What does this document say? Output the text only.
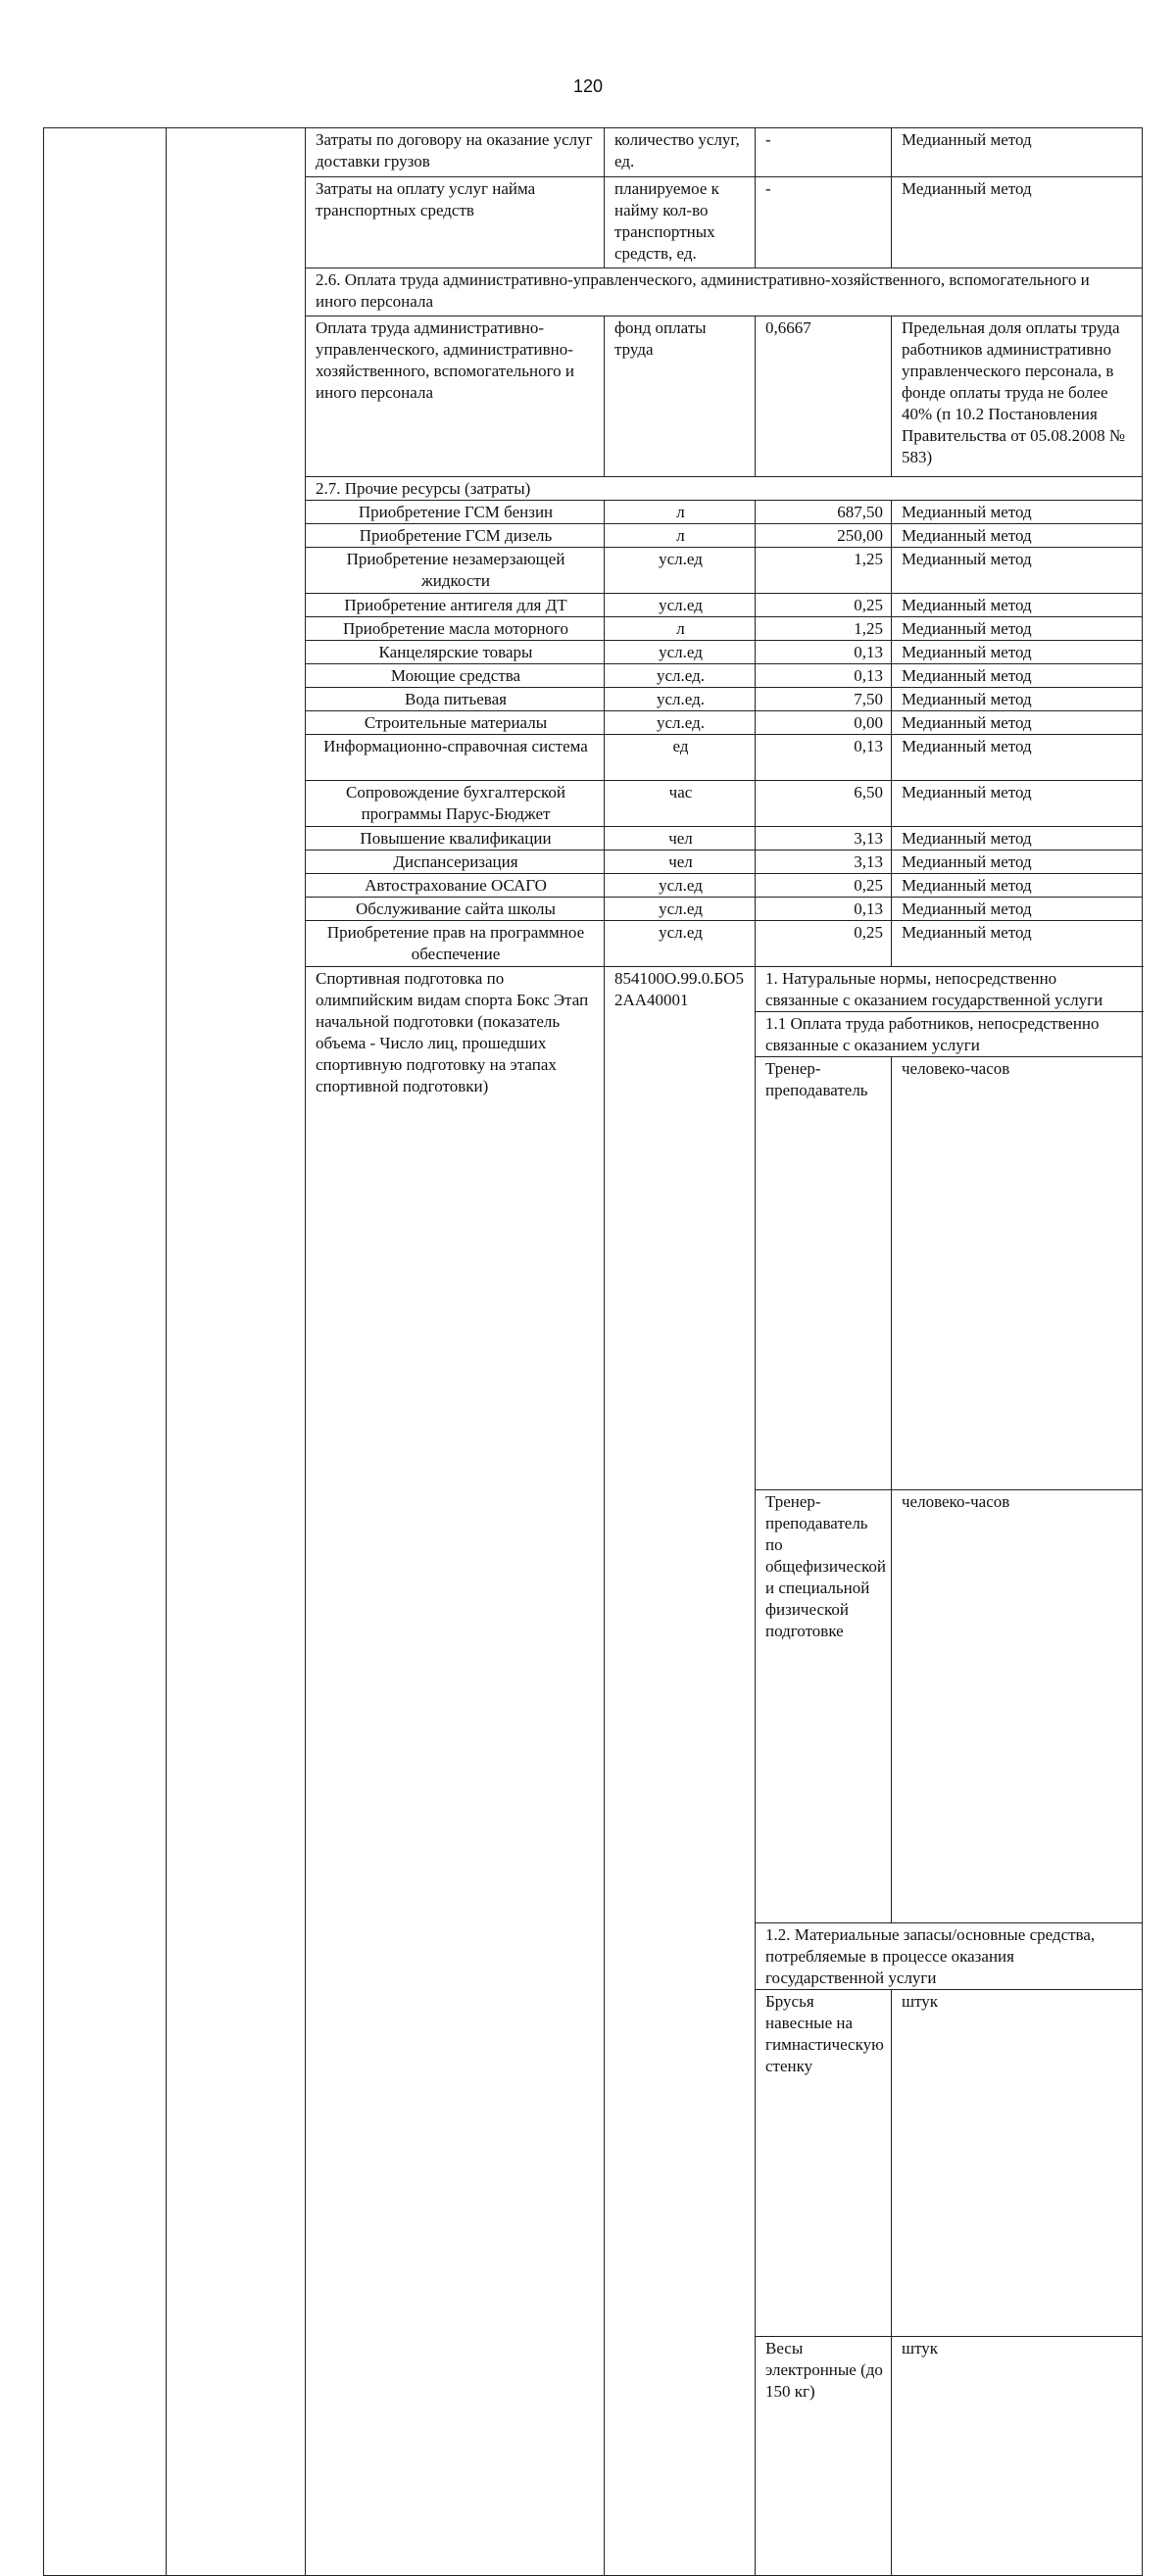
120
		Затраты по договору на оказание услуг доставки грузов	количество услуг, ед.	-	Медианный метод	
		Затраты на оплату услуг найма транспортных средств	планируемое к найму кол-во транспортных средств, ед.	-	Медианный метод	
		2.6. Оплата труда административно-управленческого, административно-хозяйственного, вспомогательного и иного персонала				
		Оплата труда административно-управленческого, административно-хозяйственного, вспомогательного и иного персонала	фонд оплаты труда	0,6667	Предельная доля оплаты труда работников административно управленческого персонала, в фонде оплаты труда не более 40% (п 10.2 Постановления Правительства от 05.08.2008 № 583)	
		2.7. Прочие ресурсы (затраты)				
		Приобретение ГСМ бензин	л	687,50	Медианный метод	
		Приобретение ГСМ дизель	л	250,00	Медианный метод	
		Приобретение незамерзающей жидкости	усл.ед	1,25	Медианный метод	
		Приобретение антигеля для ДТ	усл.ед	0,25	Медианный метод	
		Приобретение масла моторного	л	1,25	Медианный метод	
		Канцелярские товары	усл.ед	0,13	Медианный метод	
		Моющие средства	усл.ед.	0,13	Медианный метод	
		Вода питьевая	усл.ед.	7,50	Медианный метод	
		Строительные материалы	усл.ед.	0,00	Медианный метод	
		Информационно-справочная система	ед	0,13	Медианный метод	
		Сопровождение бухгалтерской программы Парус-Бюджет	час	6,50	Медианный метод	
		Повышение квалификации	чел	3,13	Медианный метод	
		Диспансеризация	чел	3,13	Медианный метод	
		Автострахование ОСАГО	усл.ед	0,25	Медианный метод	
		Обслуживание сайта школы	усл.ед	0,13	Медианный метод	
		Приобретение прав на программное обеспечение	усл.ед	0,25	Медианный метод	
		Спортивная подготовка по олимпийским видам спорта Бокс Этап начальной подготовки (показатель объема - Число лиц, прошедших спортивную подготовку на этапах спортивной подготовки)	854100О.99.0.БО52АА40001	1. Натуральные нормы, непосредственно связанные с оказанием государственной услуги		
				1.1 Оплата труда работников, непосредственно связанные с оказанием услуги		
				Тренер-преподаватель	человеко-часов		
				Тренер-преподаватель по общефизической и специальной физической подготовке	человеко-часов		
				1.2. Материальные запасы/основные средства, потребляемые в процессе оказания государственной услуги		
				Брусья навесные на гимнастическую стенку	штук		
				Весы электронные (до 150 кг)	штук		
